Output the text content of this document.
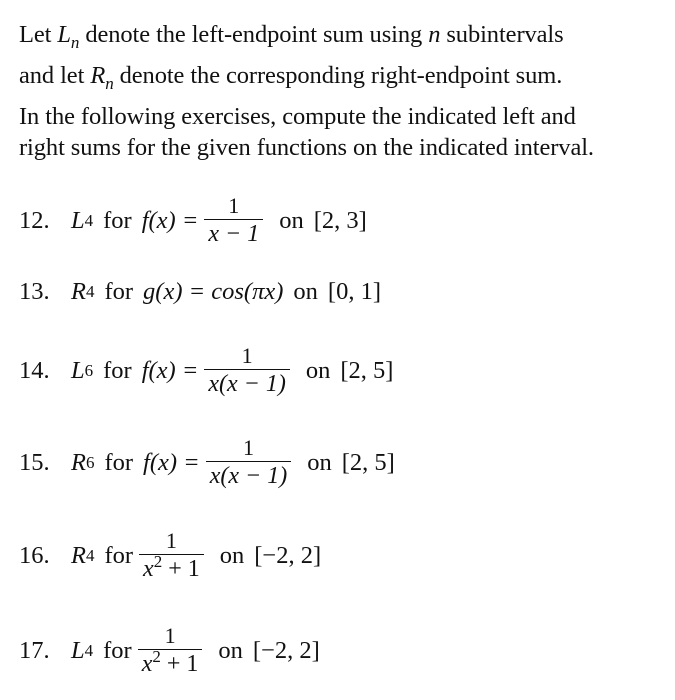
Let $L_n$ denote the left-endpoint sum using n subintervals
and let $R_n$ denote the corresponding right-endpoint sum.
In the following exercises, compute the indicated left and
right sums for the given functions on the indicated interval.
12. L 4 for $f(x) = \frac{1}{x - 1}$ on [2, 3]
13. R 4 for g(x) = cos(πx) on [0, 1]
14. L 6 for $f(x) = \frac{1}{x(x - 1)}$ on [2, 5]
15. R 6 for $f(x) = \frac{1}{x(x - 1)}$ on [2, 5]
16. R 4 for $\frac{1}{x^2 + 1}$ on [−2, 2]
17. L 4 for $\frac{1}{x^2 + 1}$ on [−2, 2]
